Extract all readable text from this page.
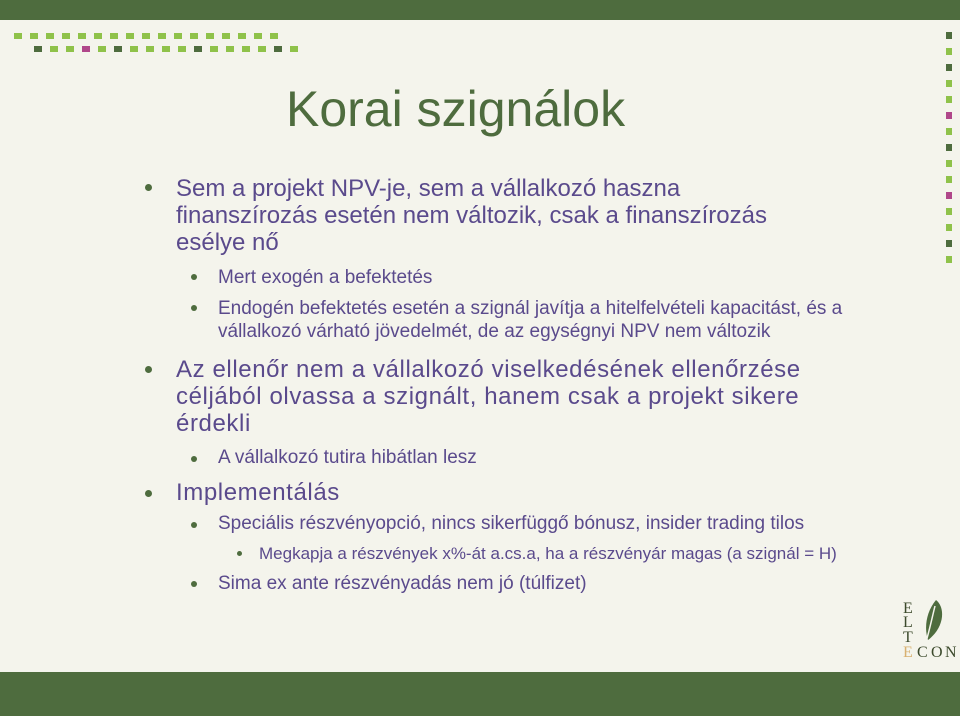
Korai szignálok
Sem a projekt NPV-je, sem a vállalkozó haszna
finanszírozás esetén nem változik, csak a finanszírozás
esélye nő
Mert exogén a befektetés
Endogén befektetés esetén a szignál javítja a hitelfelvételi kapacitást, és a
vállalkozó várható jövedelmét, de az egységnyi NPV nem változik
Az ellenőr nem a vállalkozó viselkedésének ellenőrzése
céljából olvassa a szignált, hanem csak a projekt sikere
érdekli
A vállalkozó tutira hibátlan lesz
Implementálás
Speciális részvényopció, nincs sikerfüggő bónusz, insider trading tilos
Megkapja a részvények x%-át a.cs.a, ha a részvényár magas (a szignál = H)
Sima ex ante részvényadás nem jó (túlfizet)
E
L
T
E C O N
